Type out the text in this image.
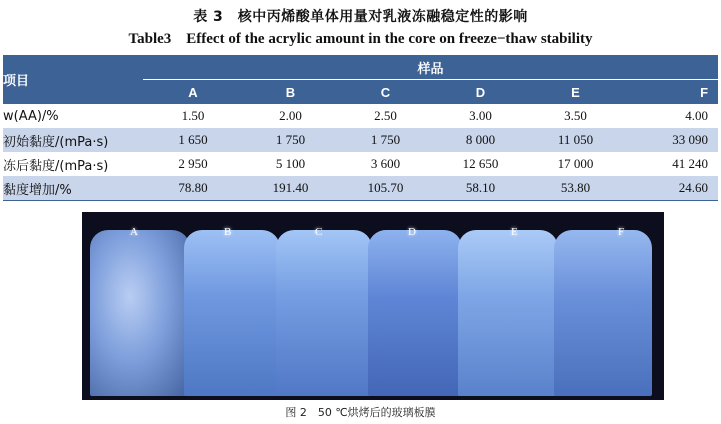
表 3　核中丙烯酸单体用量对乳液冻融稳定性的影响
Table3　Effect of the acrylic amount in the core on freeze−thaw stability
项目	样品					
	A	B	C	D	E	F
w(AA)/%	1.50	2.00	2.50	3.00	3.50	4.00
初始黏度/(mPa·s)	1 650	1 750	1 750	8 000	11 050	33 090
冻后黏度/(mPa·s)	2 950	5 100	3 600	12 650	17 000	41 240
黏度增加/%	78.80	191.40	105.70	58.10	53.80	24.60
A	B	C	D	E	F
图 2　50 ℃烘烤后的玻璃板膜
